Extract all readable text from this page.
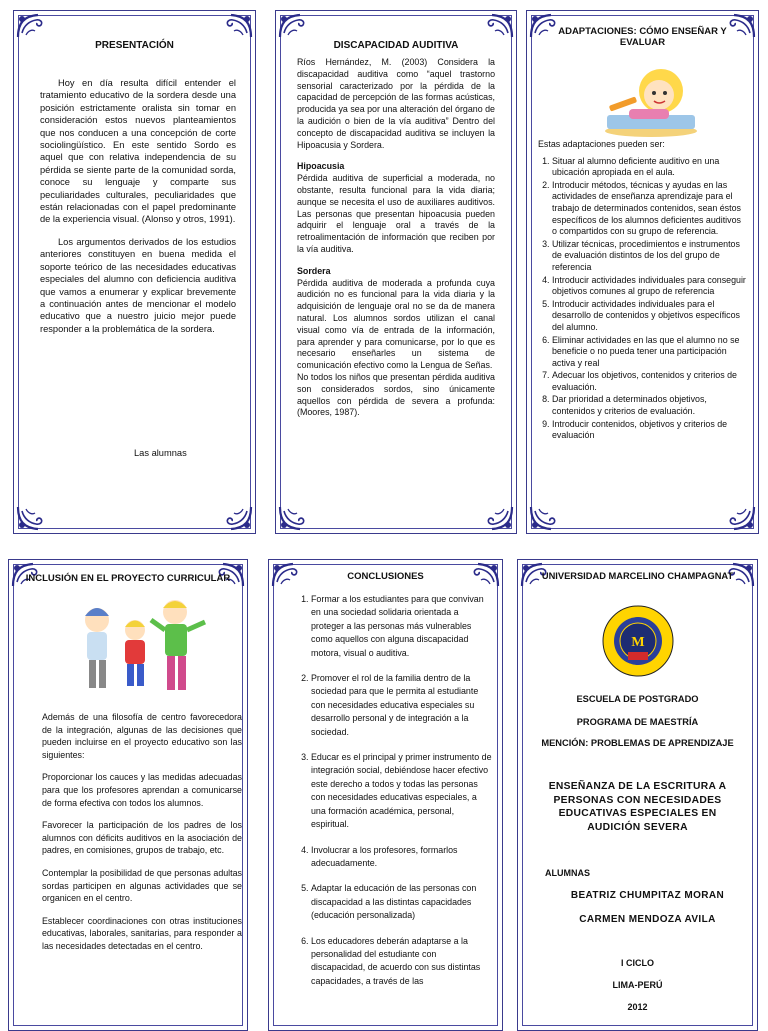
PRESENTACIÓN

Hoy en día resulta difícil entender el tratamiento educativo de la sordera desde una posición estrictamente oralista sin tomar en consideración estos nuevos planteamientos que nos conducen a una concepción de corte sociolingüístico. En este sentido Sordo es aquel que con relativa independencia de su pérdida se siente parte de la comunidad sorda, conoce su lenguaje y comparte sus peculiaridades culturales, peculiaridades que están relacionadas con el papel predominante de la experiencia visual. (Alonso y otros, 1991).

Los argumentos derivados de los estudios anteriores constituyen en buena medida el soporte teórico de las necesidades educativas especiales del alumno con deficiencia auditiva que vamos a enumerar y explicar brevemente a continuación antes de mencionar el modelo educativo que a nuestro juicio mejor puede responder a la problemática de la sordera.

Las alumnas
DISCAPACIDAD AUDITIVA

Ríos Hernández, M. (2003) Considera la discapacidad auditiva como “aquel trastorno sensorial caracterizado por la pérdida de la capacidad de percepción de las formas acústicas, producida ya sea por una alteración del órgano de la audición o bien de la vía auditiva” Dentro del concepto de discapacidad auditiva se incluyen la Hipoacusia y Sordera.

Hipoacusia

Pérdida auditiva de superficial a moderada, no obstante, resulta funcional para la vida diaria; aunque se necesita el uso de auxiliares auditivos. Las personas que presentan hipoacusia pueden adquirir el lenguaje oral a través de la retroalimentación de información que reciben por la vía auditiva.

Sordera

Pérdida auditiva de moderada a profunda cuya audición no es funcional para la vida diaria y la adquisición de lenguaje oral no se da de manera natural. Los alumnos sordos utilizan el canal visual como vía de entrada de la información, para aprender y para comunicarse, por lo que es necesario enseñarles un sistema de comunicación efectivo como la Lengua de Señas.

No todos los niños que presentan pérdida auditiva son considerados sordos, sino únicamente aquellos con pérdida de severa a profunda: (Moores, 1987).

ADAPTACIONES: CÓMO ENSEÑAR Y EVALUAR
Estas adaptaciones pueden ser:
1. Situar al alumno deficiente auditivo en una ubicación apropiada en el aula.
2. Introducir métodos, técnicas y ayudas en las actividades de enseñanza aprendizaje para el trabajo de determinados contenidos, sean éstos específicos de los alumnos deficientes auditivos o compartidos con su grupo de referencia.
3. Utilizar técnicas, procedimientos e instrumentos de evaluación distintos de los del grupo de referencia
4. Introducir actividades individuales para conseguir objetivos comunes al grupo de referencia
5. Introducir actividades individuales para el desarrollo de contenidos y objetivos específicos del alumno.
6. Eliminar actividades en las que el alumno no se beneficie o no pueda tener una participación activa y real
7. Adecuar los objetivos, contenidos y criterios de evaluación.
8. Dar prioridad a determinados objetivos, contenidos y criterios de evaluación.
9. Introducir contenidos, objetivos y criterios de evaluación
INCLUSIÓN EN EL PROYECTO CURRICULAR

Además de una filosofía de centro favorecedora de la integración, algunas de las decisiones que pueden incluirse en el proyecto educativo son las siguientes:

Proporcionar los cauces y las medidas adecuadas para que los profesores aprendan a comunicarse de forma efectiva con todos los alumnos.

Favorecer la participación de los padres de los alumnos con déficits auditivos en la asociación de padres, en comisiones, grupos de trabajo, etc.

Contemplar la posibilidad de que personas adultas sordas participen en algunas actividades que se organicen en el centro.

Establecer coordinaciones con otras instituciones educativas, laborales, sanitarias, para responder a las necesidades detectadas en el centro.

CONCLUSIONES
1. Formar a los estudiantes para que convivan en una sociedad solidaria orientada a proteger a las personas más vulnerables como aquellos con alguna discapacidad motora, visual o auditiva.
2. Promover el rol de la familia dentro de la sociedad para que le permita al estudiante con necesidades educativa especiales su desarrollo personal y de integración a la sociedad.
3. Educar es el principal y primer instrumento de integración social, debiéndose hacer efectivo este derecho a todos y todas las personas con necesidades educativas especiales, a una formación académica, personal, espiritual.
4. Involucrar a los profesores, formarlos adecuadamente.
5. Adaptar la educación de las personas con discapacidad a las distintas capacidades (educación personalizada)
6. Los educadores deberán adaptarse a la personalidad del estudiante con discapacidad, de acuerdo con sus distintas capacidades, a través de las
UNIVERSIDAD MARCELINO CHAMPAGNAT
M
ESCUELA DE POSTGRADO
PROGRAMA DE MAESTRÍA
MENCIÓN: PROBLEMAS DE APRENDIZAJE
ENSEÑANZA DE LA ESCRITURA A PERSONAS CON NECESIDADES EDUCATIVAS ESPECIALES EN AUDICIÓN SEVERA
ALUMNAS
BEATRIZ CHUMPITAZ MORAN
CARMEN MENDOZA AVILA
I CICLO
LIMA-PERÚ
2012
